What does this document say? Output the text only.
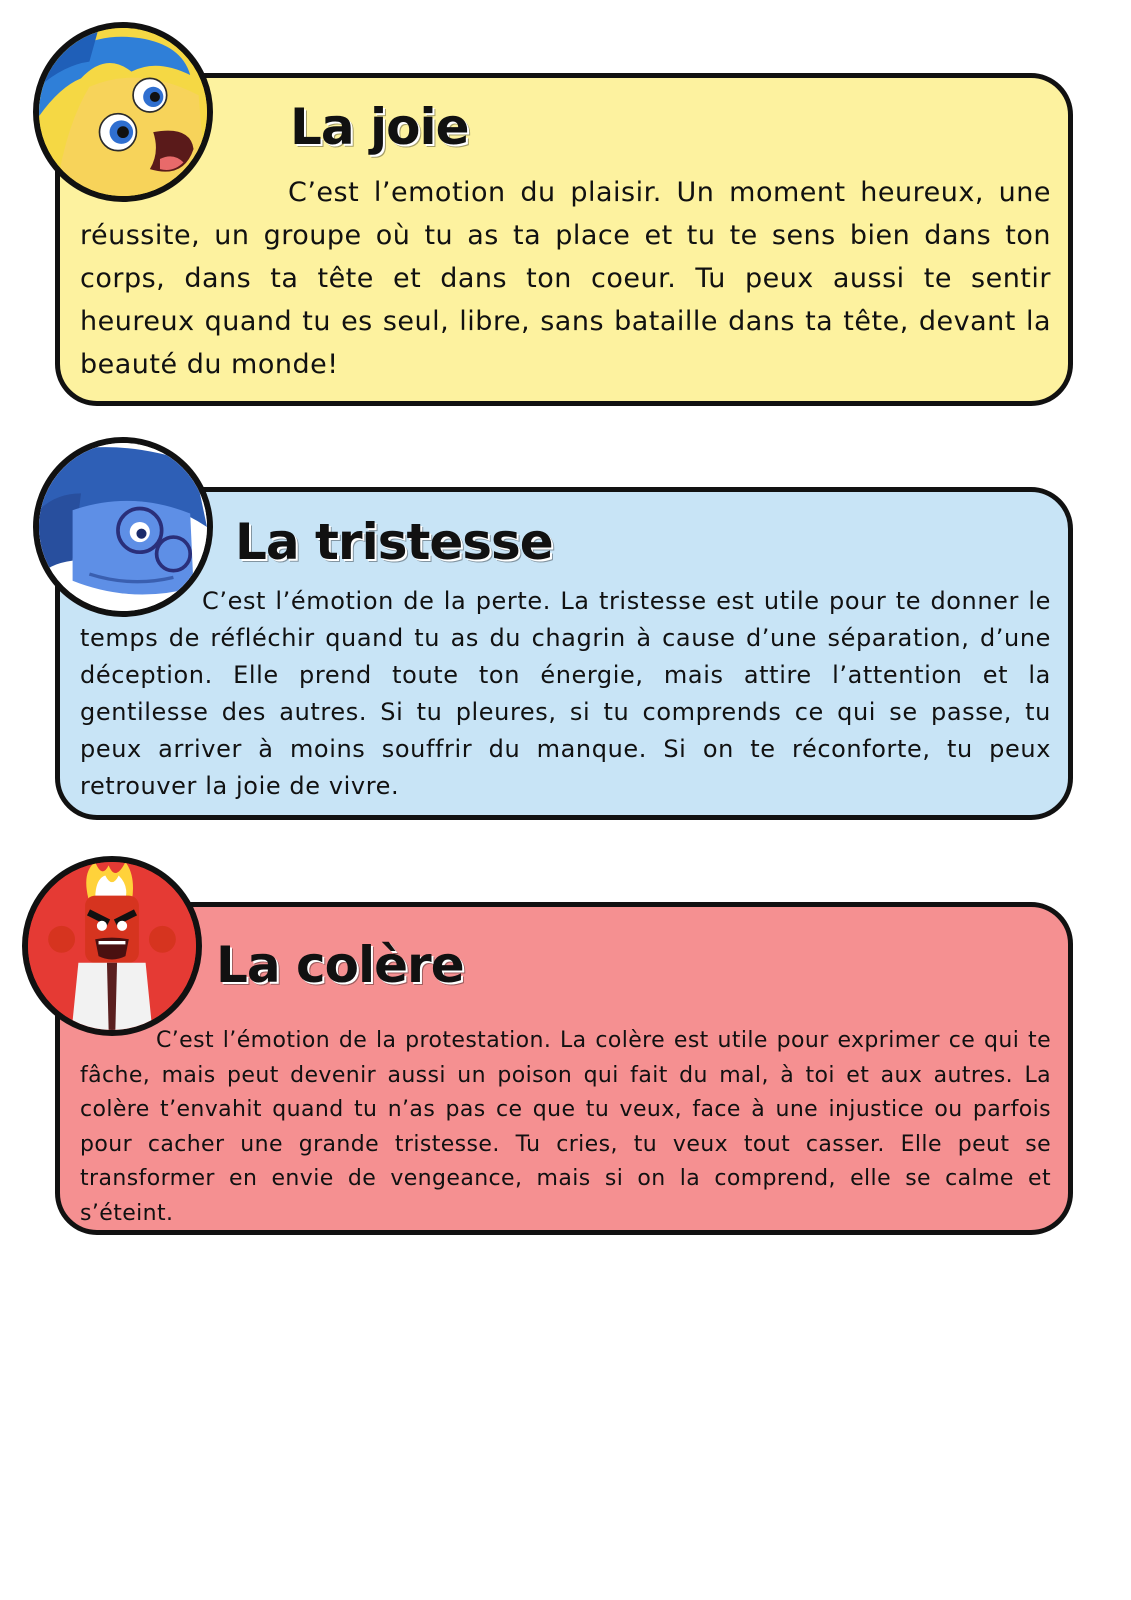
La joie

C’est l’emotion du plaisir. Un moment heureux, une réussite, un groupe où tu as ta place et tu te sens bien dans ton corps, dans ta tête et dans ton coeur. Tu peux aussi te sentir heureux quand tu es seul, libre, sans bataille dans ta tête, devant la beauté du monde!

La tristesse

C’est l’émotion de la perte. La tristesse est utile pour te donner le temps de réfléchir quand tu as du chagrin à cause d’une séparation, d’une déception. Elle prend toute ton énergie, mais attire l’attention et la gentilesse des autres. Si tu pleures, si tu comprends ce qui se passe, tu peux arriver à moins souffrir du manque. Si on te réconforte, tu peux retrouver la joie de vivre.

La colère

C’est l’émotion de la protestation. La colère est utile pour exprimer ce qui te fâche, mais peut devenir aussi un poison qui fait du mal, à toi et aux autres. La colère t’envahit quand tu n’as pas ce que tu veux, face à une injustice ou parfois pour cacher une grande tristesse. Tu cries, tu veux tout casser. Elle peut se transformer en envie de vengeance, mais si on la comprend, elle se calme et s’éteint.
